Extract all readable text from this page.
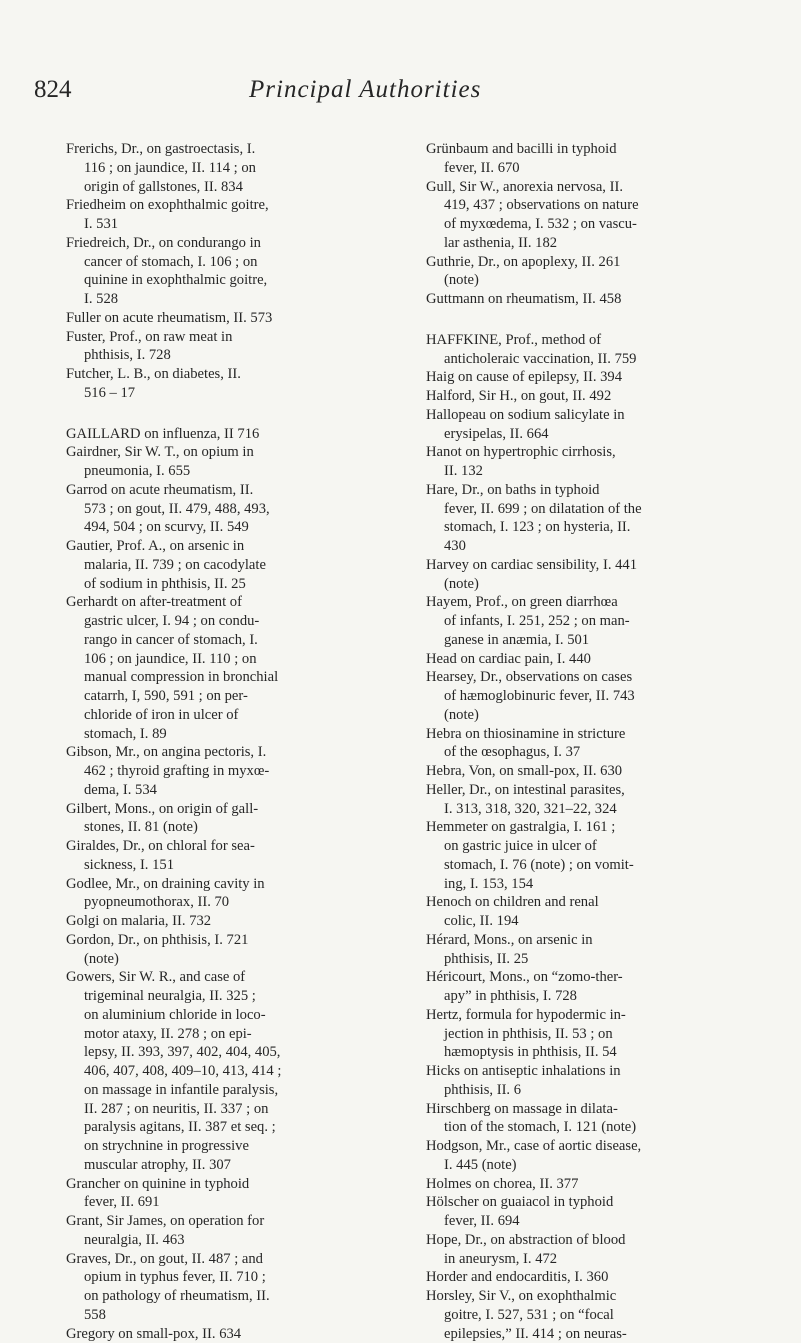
824	Principal Authorities
Frerichs, Dr., on gastroectasis, I.
116 ; on jaundice, II. 114 ; on
origin of gallstones, II. 834
Friedheim on exophthalmic goitre,
I. 531
Friedreich, Dr., on condurango in
cancer of stomach, I. 106 ; on
quinine in exophthalmic goitre,
I. 528
Fuller on acute rheumatism, II. 573
Fuster, Prof., on raw meat in
phthisis, I. 728
Futcher, L. B., on diabetes, II.
516 – 17
GAILLARD on influenza, II 716
Gairdner, Sir W. T., on opium in
pneumonia, I. 655
Garrod on acute rheumatism, II.
573 ; on gout, II. 479, 488, 493,
494, 504 ; on scurvy, II. 549
Gautier, Prof. A., on arsenic in
malaria, II. 739 ; on cacodylate
of sodium in phthisis, II. 25
Gerhardt on after-treatment of
gastric ulcer, I. 94 ; on condu-
rango in cancer of stomach, I.
106 ; on jaundice, II. 110 ; on
manual compression in bronchial
catarrh, I, 590, 591 ; on per-
chloride of iron in ulcer of
stomach, I. 89
Gibson, Mr., on angina pectoris, I.
462 ; thyroid grafting in myxœ-
dema, I. 534
Gilbert, Mons., on origin of gall-
stones, II. 81 (note)
Giraldes, Dr., on chloral for sea-
sickness, I. 151
Godlee, Mr., on draining cavity in
pyopneumothorax, II. 70
Golgi on malaria, II. 732
Gordon, Dr., on phthisis, I. 721
(note)
Gowers, Sir W. R., and case of
trigeminal neuralgia, II. 325 ;
on aluminium chloride in loco-
motor ataxy, II. 278 ; on epi-
lepsy, II. 393, 397, 402, 404, 405,
406, 407, 408, 409–10, 413, 414 ;
on massage in infantile paralysis,
II. 287 ; on neuritis, II. 337 ; on
paralysis agitans, II. 387 et seq. ;
on strychnine in progressive
muscular atrophy, II. 307
Grancher on quinine in typhoid
fever, II. 691
Grant, Sir James, on operation for
neuralgia, II. 463
Graves, Dr., on gout, II. 487 ; and
opium in typhus fever, II. 710 ;
on pathology of rheumatism, II.
558
Gregory on small-pox, II. 634
Grünbaum and bacilli in typhoid
fever, II. 670
Gull, Sir W., anorexia nervosa, II.
419, 437 ; observations on nature
of myxœdema, I. 532 ; on vascu-
lar asthenia, II. 182
Guthrie, Dr., on apoplexy, II. 261
(note)
Guttmann on rheumatism, II. 458
HAFFKINE, Prof., method of
anticholeraic vaccination, II. 759
Haig on cause of epilepsy, II. 394
Halford, Sir H., on gout, II. 492
Hallopeau on sodium salicylate in
erysipelas, II. 664
Hanot on hypertrophic cirrhosis,
II. 132
Hare, Dr., on baths in typhoid
fever, II. 699 ; on dilatation of the
stomach, I. 123 ; on hysteria, II.
430
Harvey on cardiac sensibility, I. 441
(note)
Hayem, Prof., on green diarrhœa
of infants, I. 251, 252 ; on man-
ganese in anæmia, I. 501
Head on cardiac pain, I. 440
Hearsey, Dr., observations on cases
of hæmoglobinuric fever, II. 743
(note)
Hebra on thiosinamine in stricture
of the œsophagus, I. 37
Hebra, Von, on small-pox, II. 630
Heller, Dr., on intestinal parasites,
I. 313, 318, 320, 321–22, 324
Hemmeter on gastralgia, I. 161 ;
on gastric juice in ulcer of
stomach, I. 76 (note) ; on vomit-
ing, I. 153, 154
Henoch on children and renal
colic, II. 194
Hérard, Mons., on arsenic in
phthisis, II. 25
Héricourt, Mons., on “zomo-ther-
apy” in phthisis, I. 728
Hertz, formula for hypodermic in-
jection in phthisis, II. 53 ; on
hæmoptysis in phthisis, II. 54
Hicks on antiseptic inhalations in
phthisis, II. 6
Hirschberg on massage in dilata-
tion of the stomach, I. 121 (note)
Hodgson, Mr., case of aortic disease,
I. 445 (note)
Holmes on chorea, II. 377
Hölscher on guaiacol in typhoid
fever, II. 694
Hope, Dr., on abstraction of blood
in aneurysm, I. 472
Horder and endocarditis, I. 360
Horsley, Sir V., on exophthalmic
goitre, I. 527, 531 ; on “focal
epilepsies,” II. 414 ; on neuras-
